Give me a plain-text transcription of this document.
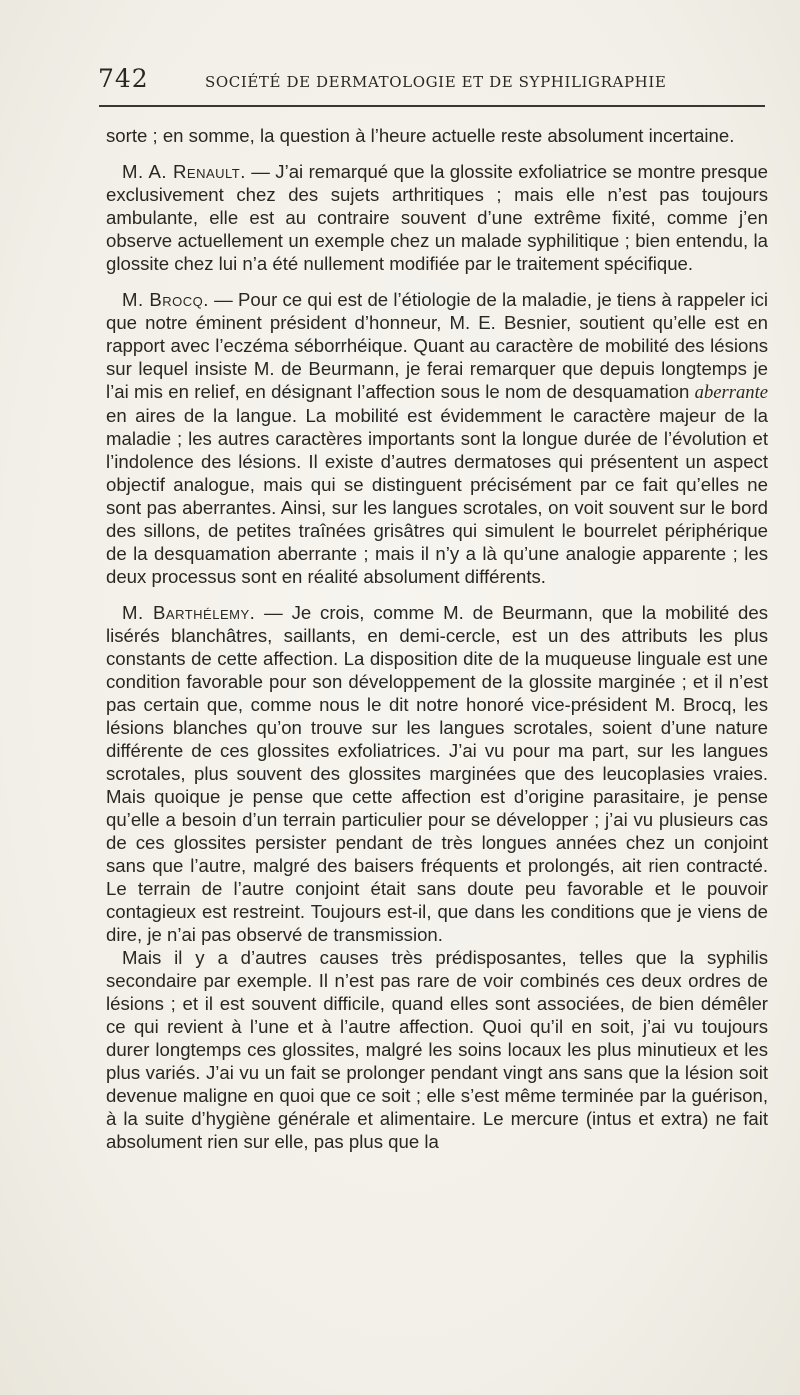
742	SOCIÉTÉ DE DERMATOLOGIE ET DE SYPHILIGRAPHIE

sorte ; en somme, la question à l’heure actuelle reste absolument incertaine.

M. A. Renault. — J’ai remarqué que la glossite exfoliatrice se montre presque exclusivement chez des sujets arthritiques ; mais elle n’est pas toujours ambulante, elle est au contraire souvent d’une extrême fixité, comme j’en observe actuellement un exemple chez un malade syphilitique ; bien entendu, la glossite chez lui n’a été nullement modifiée par le traitement spécifique.

M. Brocq. — Pour ce qui est de l’étiologie de la maladie, je tiens à rappeler ici que notre éminent président d’honneur, M. E. Besnier, soutient qu’elle est en rapport avec l’eczéma séborrhéique. Quant au caractère de mobilité des lésions sur lequel insiste M. de Beurmann, je ferai remarquer que depuis longtemps je l’ai mis en relief, en désignant l’affection sous le nom de desquamation aberrante en aires de la langue. La mobilité est évidemment le caractère majeur de la maladie ; les autres caractères importants sont la longue durée de l’évolution et l’indolence des lésions. Il existe d’autres dermatoses qui présentent un aspect objectif analogue, mais qui se distinguent précisément par ce fait qu’elles ne sont pas aberrantes. Ainsi, sur les langues scrotales, on voit souvent sur le bord des sillons, de petites traînées grisâtres qui simulent le bourrelet périphérique de la desquamation aberrante ; mais il n’y a là qu’une analogie apparente ; les deux processus sont en réalité absolument différents.

M. Barthélemy. — Je crois, comme M. de Beurmann, que la mobilité des lisérés blanchâtres, saillants, en demi-cercle, est un des attributs les plus constants de cette affection. La disposition dite de la muqueuse linguale est une condition favorable pour son développement de la glossite marginée ; et il n’est pas certain que, comme nous le dit notre honoré vice-président M. Brocq, les lésions blanches qu’on trouve sur les langues scrotales, soient d’une nature différente de ces glossites exfoliatrices. J’ai vu pour ma part, sur les langues scrotales, plus souvent des glossites marginées que des leucoplasies vraies. Mais quoique je pense que cette affection est d’origine parasitaire, je pense qu’elle a besoin d’un terrain particulier pour se développer ; j’ai vu plusieurs cas de ces glossites persister pendant de très longues années chez un conjoint sans que l’autre, malgré des baisers fréquents et prolongés, ait rien contracté. Le terrain de l’autre conjoint était sans doute peu favorable et le pouvoir contagieux est restreint. Toujours est-il, que dans les conditions que je viens de dire, je n’ai pas observé de transmission.

Mais il y a d’autres causes très prédisposantes, telles que la syphilis secondaire par exemple. Il n’est pas rare de voir combinés ces deux ordres de lésions ; et il est souvent difficile, quand elles sont associées, de bien démêler ce qui revient à l’une et à l’autre affection. Quoi qu’il en soit, j’ai vu toujours durer longtemps ces glossites, malgré les soins locaux les plus minutieux et les plus variés. J’ai vu un fait se prolonger pendant vingt ans sans que la lésion soit devenue maligne en quoi que ce soit ; elle s’est même terminée par la guérison, à la suite d’hygiène générale et alimentaire. Le mercure (intus et extra) ne fait absolument rien sur elle, pas plus que la
